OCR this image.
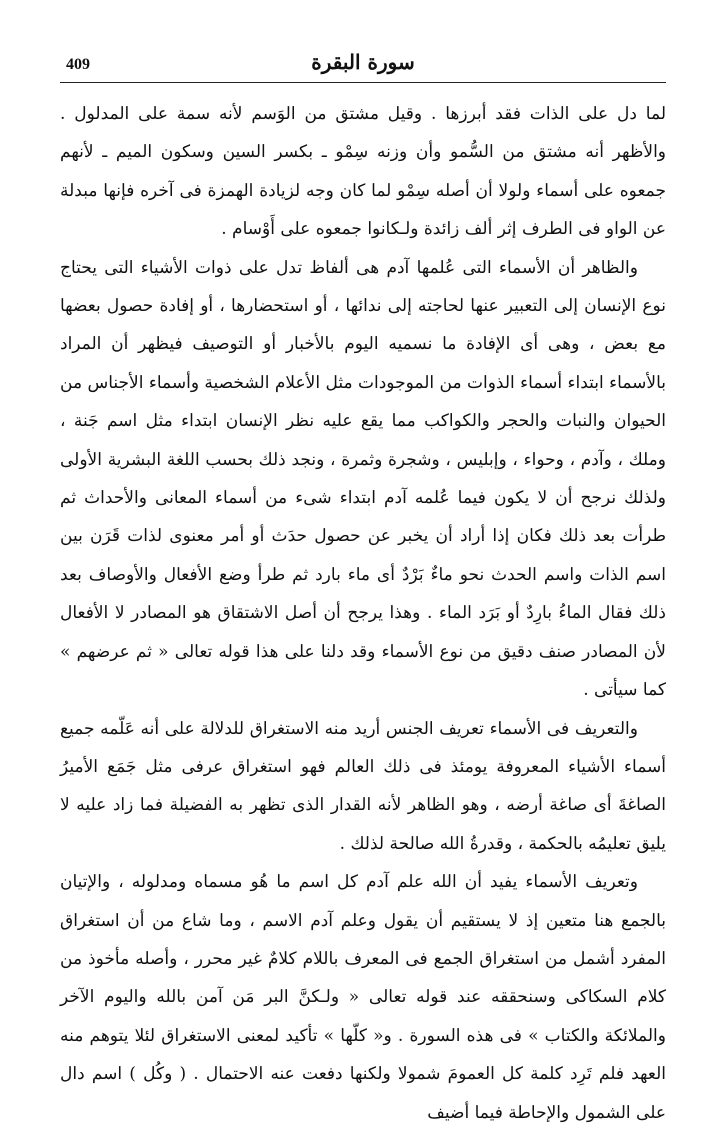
409	سورة البقرة

لما دل على الذات فقد أبرزها . وقيل مشتق من الوَسم لأنه سمة على المدلول . والأظهر أنه مشتق من السُّمو وأن وزنه سِمْو ـ بكسر السين وسكون الميم ـ لأنهم جمعوه على أسماء ولولا أن أصله سِمْو لما كان وجه لزيادة الهمزة فى آخره فإنها مبدلة عن الواو فى الطرف إثر ألف زائدة ولـكانوا جمعوه على أَوْسام .

والظاهر أن الأسماء التى عُلمها آدم هى ألفاظ تدل على ذوات الأشياء التى يحتاج نوع الإنسان إلى التعبير عنها لحاجته إلى ندائها ، أو استحضارها ، أو إفادة حصول بعضها مع بعض ، وهى أى الإفادة ما نسميه اليوم بالأخبار أو التوصيف فيظهر أن المراد بالأسماء ابتداء أسماء الذوات من الموجودات مثل الأعلام الشخصية وأسماء الأجناس من الحيوان والنبات والحجر والكواكب مما يقع عليه نظر الإنسان ابتداء مثل اسم جَنة ، وملك ، وآدم ، وحواء ، وإبليس ، وشجرة وثمرة ، ونجد ذلك بحسب اللغة البشرية الأولى ولذلك نرجح أن لا يكون فيما عُلمه آدم ابتداء شىء من أسماء المعانى والأحداث ثم طرأت بعد ذلك فكان إذا أراد أن يخبر عن حصول حدَث أو أمر معنوى لذات قَرَن بين اسم الذات واسم الحدث نحو ماءٌ بَرْدٌ أى ماء بارد ثم طرأ وضع الأفعال والأوصاف بعد ذلك فقال الماءُ بارِدٌ أو بَرَد الماء . وهذا يرجح أن أصل الاشتقاق هو المصادر لا الأفعال لأن المصادر صنف دقيق من نوع الأسماء وقد دلنا على هذا قوله تعالى « ثم عرضهم » كما سيأتى .

والتعريف فى الأسماء تعريف الجنس أريد منه الاستغراق للدلالة على أنه عَلّمه جميع أسماء الأشياء المعروفة يومئذ فى ذلك العالم فهو استغراق عرفى مثل جَمَع الأميرُ الصاغةَ أى صاغة أرضه ، وهو الظاهر لأنه القدار الذى تظهر به الفضيلة فما زاد عليه لا يليق تعليمُه بالحكمة ، وقدرةُ الله صالحة لذلك .

وتعريف الأسماء يفيد أن الله علم آدم كل اسم ما هُو مسماه ومدلوله ، والإتيان بالجمع هنا متعين إذ لا يستقيم أن يقول وعلم آدم الاسم ، وما شاع من أن استغراق المفرد أشمل من استغراق الجمع فى المعرف باللام كلامٌ غير محرر ، وأصله مأخوذ من كلام السكاكى وسنحققه عند قوله تعالى « ولـكنَّ البر مَن آمن بالله واليوم الآخر والملائكة والكتاب » فى هذه السورة . و« كلّها » تأكيد لمعنى الاستغراق لئلا يتوهم منه العهد فلم تَرِد كلمة كل العمومَ شمولا ولكنها دفعت عنه الاحتمال . ( وكُل ) اسم دال على الشمول والإحاطة فيما أضيف
